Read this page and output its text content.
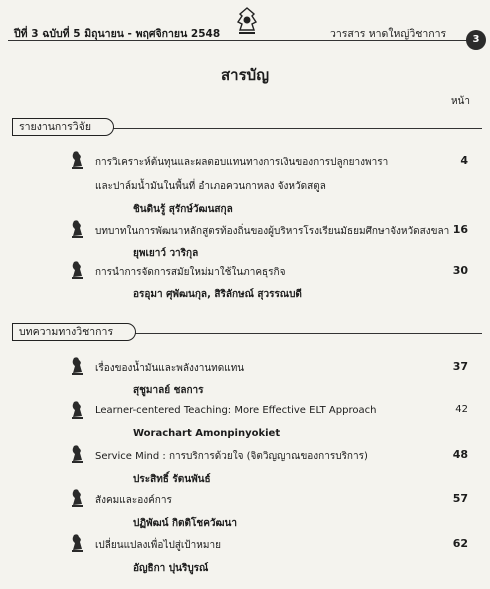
ปีที่ 3 ฉบับที่ 5 มิถุนายน - พฤศจิกายน 2548	วารสาร หาดใหญ่วิชาการ	3
สารบัญ
หน้า
รายงานการวิจัย
การวิเคราะห์ต้นทุนและผลตอบแทนทางการเงินของการปลูกยางพารา	4
และปาล์มน้ำมันในพื้นที่ อำเภอควนกาหลง จังหวัดสตูล
ชินดินรู้ สุรักษ์วัฒนสกุล
บทบาทในการพัฒนาหลักสูตรท้องถิ่นของผู้บริหารโรงเรียนมัธยมศึกษาจังหวัดสงขลา 16
ยุพเยาว์ วาริกุล
การนำการจัดการสมัยใหม่มาใช้ในภาคธุรกิจ	30
อรอุมา ศุพัฒนกุล, สิริลักษณ์ สุวรรณบดี
บทความทางวิชาการ
เรื่องของน้ำมันและพลังงานทดแทน	37
สุชูมาลย์ ชลการ
Learner-centered Teaching: More Effective ELT Approach	42
Worachart Amonpinyokiet
Service Mind : การบริการด้วยใจ (จิตวิญญาณของการบริการ)	48
ประสิทธิ์ รัตนพันธ์
สังคมและองค์การ	57
ปฏิพัฒน์ กิตติโชควัฒนา
เปลี่ยนแปลงเพื่อไปสู่เป้าหมาย	62
อัญธิกา ปุนริบูรณ์
